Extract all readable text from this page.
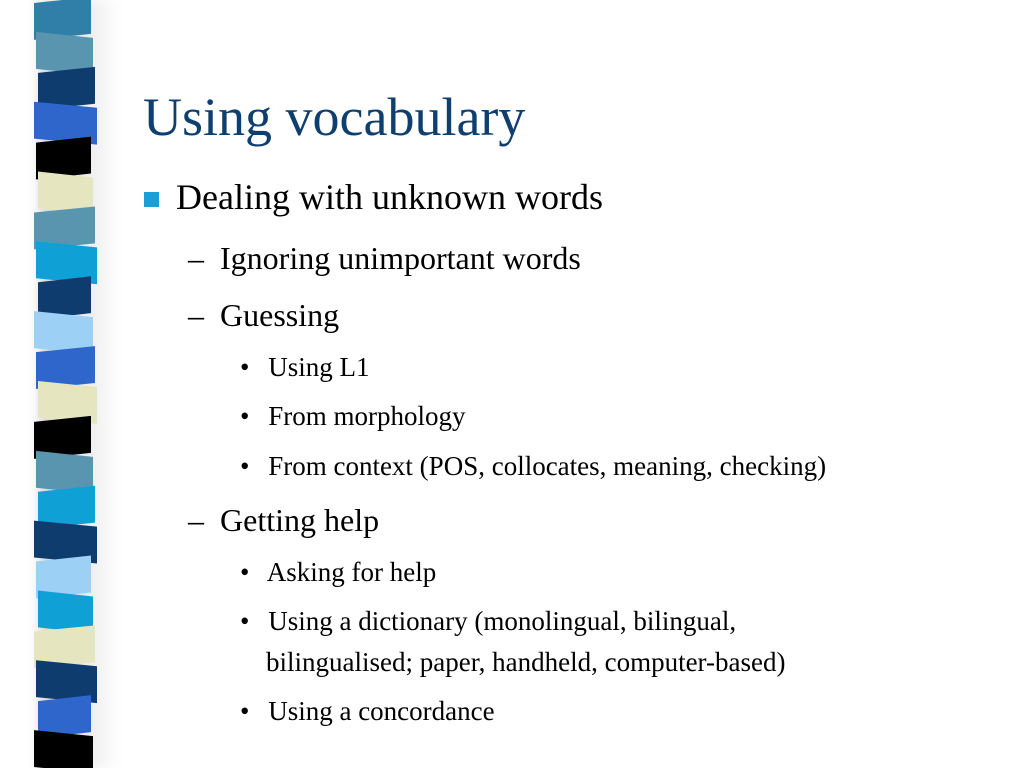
Using vocabulary
Dealing with unknown words
– Ignoring unimportant words
– Guessing
• Using L1
• From morphology
• From context (POS, collocates, meaning, checking)
– Getting help
• Asking for help
• Using a dictionary (monolingual, bilingual,
bilingualised; paper, handheld, computer-based)
• Using a concordance
